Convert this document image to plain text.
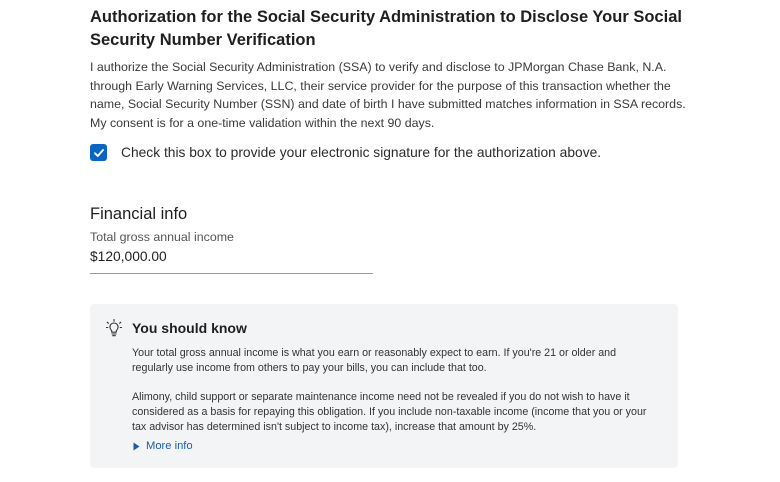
Authorization for the Social Security Administration to Disclose Your Social Security Number Verification
I authorize the Social Security Administration (SSA) to verify and disclose to JPMorgan Chase Bank, N.A. through Early Warning Services, LLC, their service provider for the purpose of this transaction whether the name, Social Security Number (SSN) and date of birth I have submitted matches information in SSA records. My consent is for a one-time validation within the next 90 days.
Check this box to provide your electronic signature for the authorization above.
Financial info
Total gross annual income
$120,000.00
You should know

Your total gross annual income is what you earn or reasonably expect to earn. If you're 21 or older and regularly use income from others to pay your bills, you can include that too.

Alimony, child support or separate maintenance income need not be revealed if you do not wish to have it considered as a basis for repaying this obligation. If you include non-taxable income (income that you or your tax advisor has determined isn't subject to income tax), increase that amount by 25%.

More info
